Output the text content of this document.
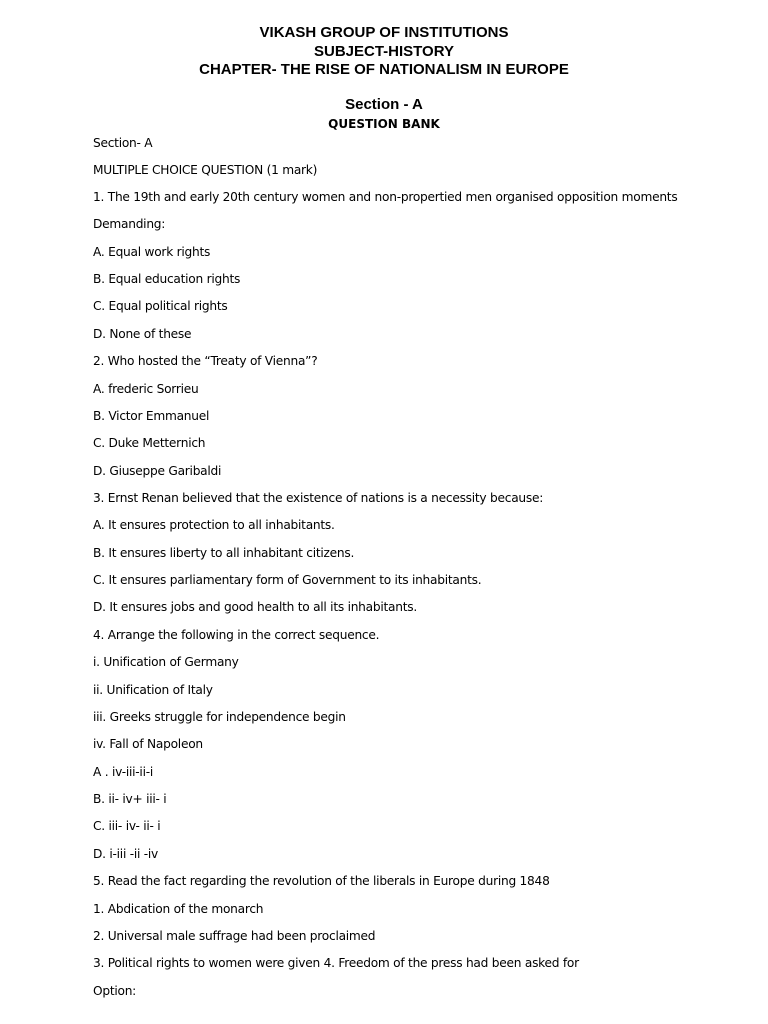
VIKASH GROUP OF INSTITUTIONS
SUBJECT-HISTORY
CHAPTER- THE RISE OF NATIONALISM IN EUROPE
Section - A
QUESTION BANK
Section- A
MULTIPLE CHOICE QUESTION (1 mark)
1. The 19th and early 20th century women and non-propertied men organised opposition moments
Demanding:
A. Equal work rights
B. Equal education rights
C. Equal political rights
D. None of these
2. Who hosted the “Treaty of Vienna”?
A. frederic Sorrieu
B. Victor Emmanuel
C. Duke Metternich
D. Giuseppe Garibaldi
3. Ernst Renan believed that the existence of nations is a necessity because:
A. It ensures protection to all inhabitants.
B. It ensures liberty to all inhabitant citizens.
C. It ensures parliamentary form of Government to its inhabitants.
D. It ensures jobs and good health to all its inhabitants.
4. Arrange the following in the correct sequence.
i. Unification of Germany
ii. Unification of Italy
iii. Greeks struggle for independence begin
iv. Fall of Napoleon
A . iv-iii-ii-i
B. ii- iv+ iii- i
C. iii- iv- ii- i
D. i-iii -ii -iv
5. Read the fact regarding the revolution of the liberals in Europe during 1848
1. Abdication of the monarch
2. Universal male suffrage had been proclaimed
3. Political rights to women were given 4. Freedom of the press had been asked for
Option:
